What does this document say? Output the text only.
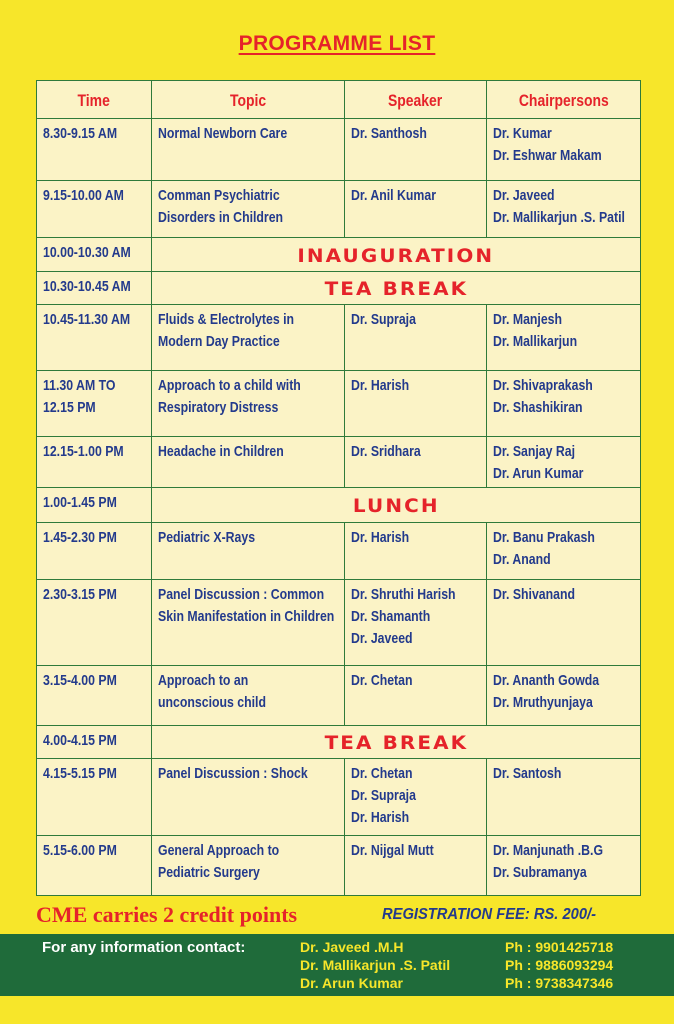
PROGRAMME LIST
Time	Topic	Speaker	Chairpersons

8.30-9.15 AM	Normal Newborn Care	Dr. Santhosh	Dr. Kumar
Dr. Eshwar Makam

9.15-10.00 AM	Comman Psychiatric
Disorders in Children	Dr. Anil Kumar	Dr. Javeed
Dr. Mallikarjun .S. Patil

10.00-10.30 AM	INAUGURATION		

10.30-10.45 AM	TEA BREAK		

10.45-11.30 AM	Fluids & Electrolytes in
Modern Day Practice	Dr. Supraja	Dr. Manjesh
Dr. Mallikarjun

11.30 AM TO
12.15 PM	Approach to a child with
Respiratory Distress	Dr. Harish	Dr. Shivaprakash
Dr. Shashikiran

12.15-1.00 PM	Headache in Children	Dr. Sridhara	Dr. Sanjay Raj
Dr. Arun Kumar

1.00-1.45 PM	LUNCH		

1.45-2.30 PM	Pediatric X-Rays	Dr. Harish	Dr. Banu Prakash
Dr. Anand

2.30-3.15 PM	Panel Discussion : Common
Skin Manifestation in Children	Dr. Shruthi Harish
Dr. Shamanth
Dr. Javeed	Dr. Shivanand

3.15-4.00 PM	Approach to an
unconscious child	Dr. Chetan	Dr. Ananth Gowda
Dr. Mruthyunjaya

4.00-4.15 PM	TEA BREAK		

4.15-5.15 PM	Panel Discussion : Shock	Dr. Chetan
Dr. Supraja
Dr. Harish	Dr. Santosh

5.15-6.00 PM	General Approach to
Pediatric Surgery	Dr. Nijgal Mutt	Dr. Manjunath .B.G
Dr. Subramanya
CME carries 2 credit points	REGISTRATION FEE: RS. 200/-
For any information contact:	Dr. Javeed .M.H	Ph : 9901425718
Dr. Mallikarjun .S. Patil	Ph : 9886093294
Dr. Arun Kumar	Ph : 9738347346
